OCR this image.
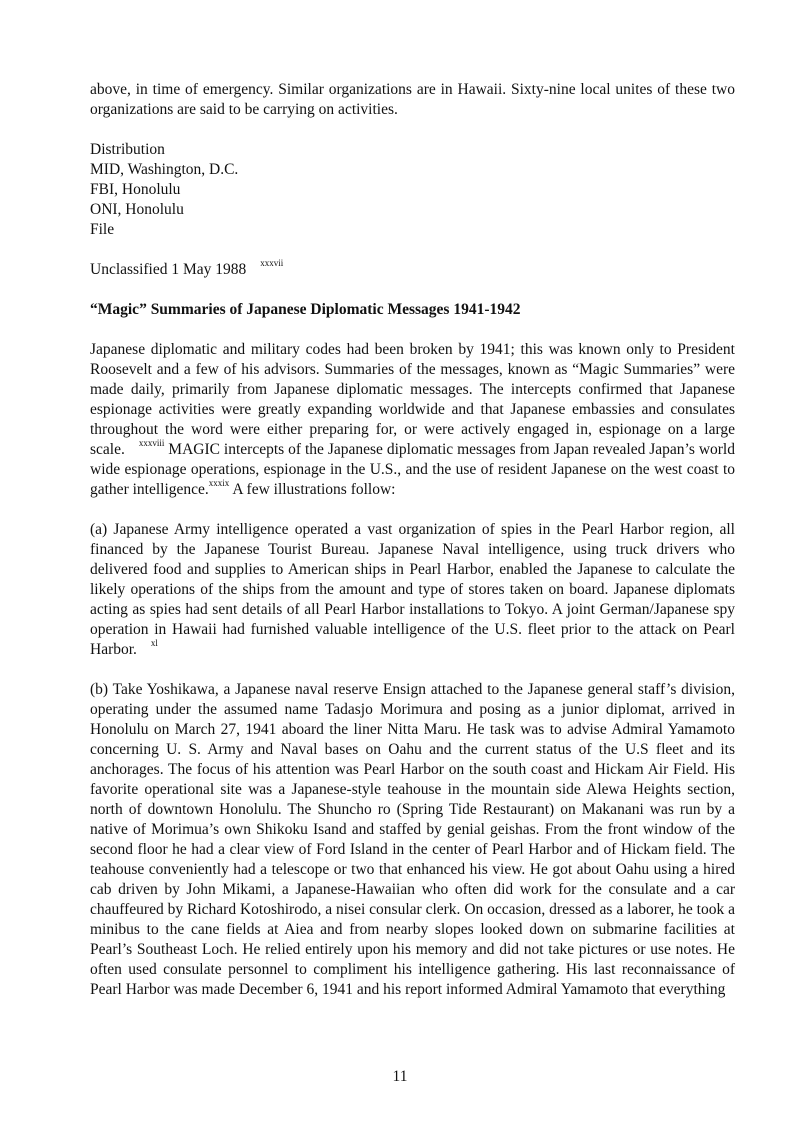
above, in time of emergency. Similar organizations are in Hawaii. Sixty-nine local unites of these two organizations are said to be carrying on activities.

Distribution
MID, Washington, D.C.
FBI, Honolulu
ONI, Honolulu
File

Unclassified 1 May 1988 $^{xxxvii}$

“Magic” Summaries of Japanese Diplomatic Messages 1941-1942

Japanese diplomatic and military codes had been broken by 1941; this was known only to President Roosevelt and a few of his advisors. Summaries of the messages, known as “Magic Summaries” were made daily, primarily from Japanese diplomatic messages. The intercepts confirmed that Japanese espionage activities were greatly expanding worldwide and that Japanese embassies and consulates throughout the word were either preparing for, or were actively engaged in, espionage on a large scale. $^{xxxviii}$ MAGIC intercepts of the Japanese diplomatic messages from Japan revealed Japan’s world wide espionage operations, espionage in the U.S., and the use of resident Japanese on the west coast to gather intelligence.$^{xxxix}$ A few illustrations follow:

(a) Japanese Army intelligence operated a vast organization of spies in the Pearl Harbor region, all financed by the Japanese Tourist Bureau. Japanese Naval intelligence, using truck drivers who delivered food and supplies to American ships in Pearl Harbor, enabled the Japanese to calculate the likely operations of the ships from the amount and type of stores taken on board. Japanese diplomats acting as spies had sent details of all Pearl Harbor installations to Tokyo. A joint German/Japanese spy operation in Hawaii had furnished valuable intelligence of the U.S. fleet prior to the attack on Pearl Harbor. $^{xl}$

(b) Take Yoshikawa, a Japanese naval reserve Ensign attached to the Japanese general staff’s division, operating under the assumed name Tadasjo Morimura and posing as a junior diplomat, arrived in Honolulu on March 27, 1941 aboard the liner Nitta Maru. He task was to advise Admiral Yamamoto concerning U. S. Army and Naval bases on Oahu and the current status of the U.S fleet and its anchorages. The focus of his attention was Pearl Harbor on the south coast and Hickam Air Field. His favorite operational site was a Japanese-style teahouse in the mountain side Alewa Heights section, north of downtown Honolulu. The Shuncho ro (Spring Tide Restaurant) on Makanani was run by a native of Morimua’s own Shikoku Isand and staffed by genial geishas. From the front window of the second floor he had a clear view of Ford Island in the center of Pearl Harbor and of Hickam field. The teahouse conveniently had a telescope or two that enhanced his view. He got about Oahu using a hired cab driven by John Mikami, a Japanese-Hawaiian who often did work for the consulate and a car chauffeured by Richard Kotoshirodo, a nisei consular clerk. On occasion, dressed as a laborer, he took a minibus to the cane fields at Aiea and from nearby slopes looked down on submarine facilities at Pearl’s Southeast Loch. He relied entirely upon his memory and did not take pictures or use notes. He often used consulate personnel to compliment his intelligence gathering. His last reconnaissance of Pearl Harbor was made December 6, 1941 and his report informed Admiral Yamamoto that everything

11
